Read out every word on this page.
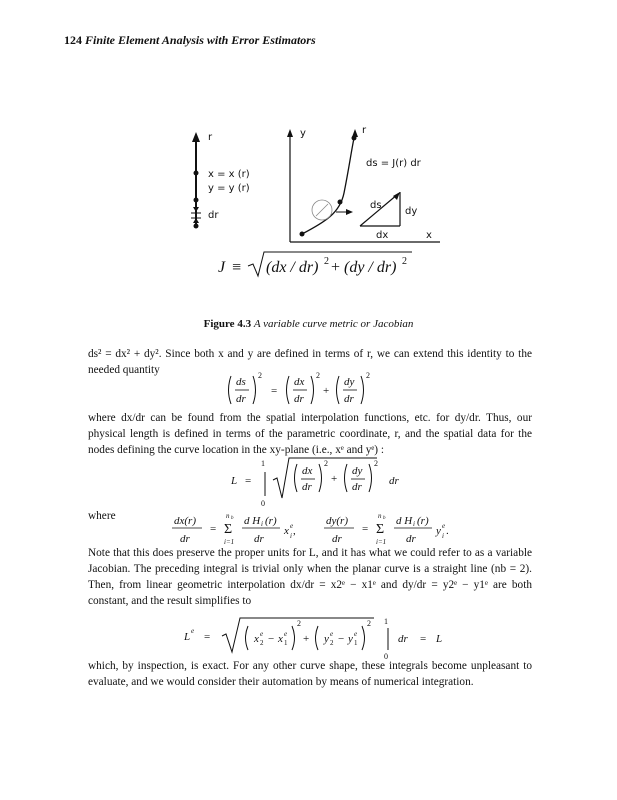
124 Finite Element Analysis with Error Estimators
r
x = x (r)
y = y (r)
dr
y
x
r
ds = J(r) dr
ds
dy
dx
J ≡ (dx / dr) 2 + (dy / dr) 2
Figure 4.3 A variable curve metric or Jacobian
ds² = dx² + dy². Since both x and y are defined in terms of r, we can extend this identity to the needed quantity
ds
dr
2
=
dx
dr
2
+
dy
dr
2
where dx/dr can be found from the spatial interpolation functions, etc. for dy/dr. Thus, our physical length is defined in terms of the parametric coordinate, r, and the spatial data for the nodes defining the curve location in the xy-plane (i.e., xᵉ and yᵉ) :
L =
1
0
dx
dr
2
+
dy
dr
2
dr
where	dx(r)
dr
=
n b
Σ
i=1
d H i (r)
dr
x e
i ,
dy(r)
dr
=
n b
Σ
i=1
d H i (r)
dr
y e
i .
Note that this does preserve the proper units for L, and it has what we could refer to as a variable Jacobian. The preceding integral is trivial only when the planar curve is a straight line (nb = 2). Then, from linear geometric interpolation dx/dr = x2ᵉ − x1ᵉ and dy/dr = y2ᵉ − y1ᵉ are both constant, and the result simplifies to
L e =	x e
2 − x e
1
2
+ y e
2 − y e
1
2 1
0
dr = L
which, by inspection, is exact. For any other curve shape, these integrals become unpleasant to evaluate, and we would consider their automation by means of numerical integration.
